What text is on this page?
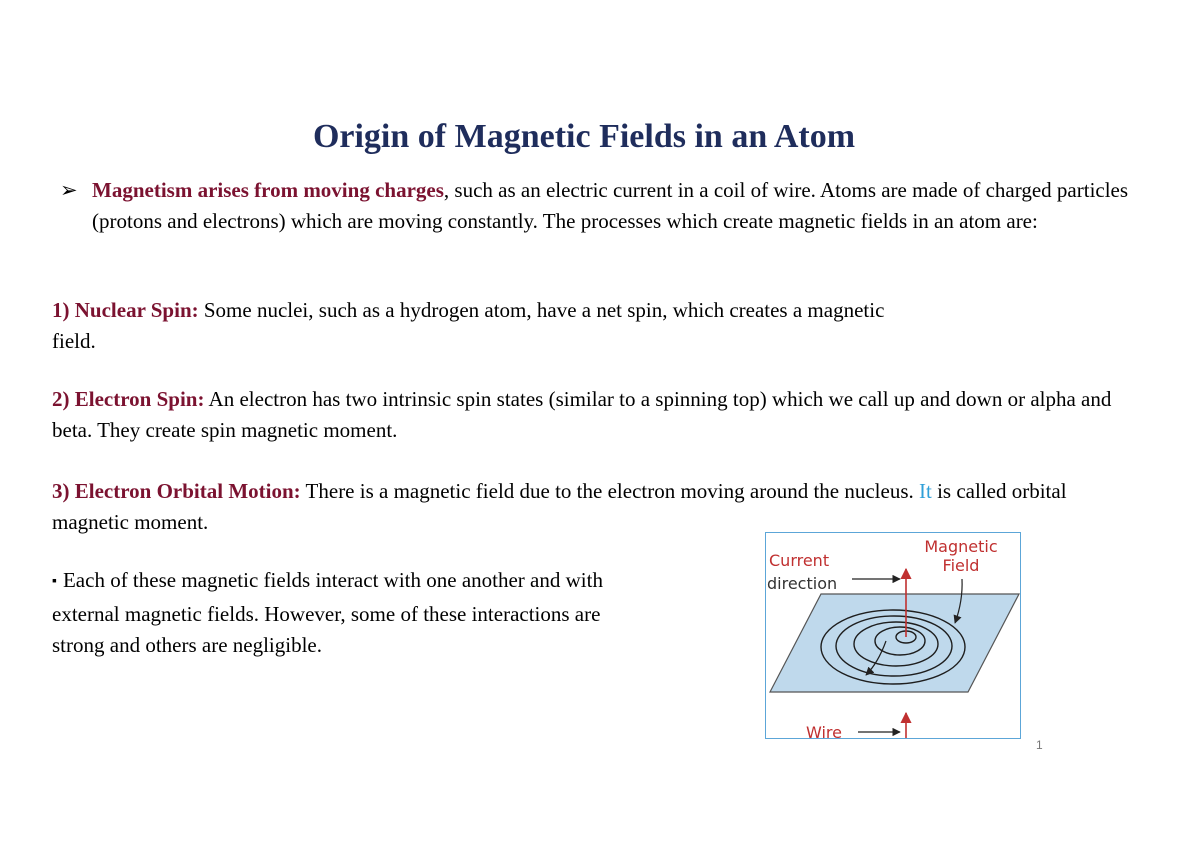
Origin of Magnetic Fields in an Atom
➢ Magnetism arises from moving charges, such as an electric current in a coil of wire. Atoms are made of charged particles (protons and electrons) which are moving constantly. The processes which create magnetic fields in an atom are:
1) Nuclear Spin: Some nuclei, such as a hydrogen atom, have a net spin, which creates a magnetic field.
2) Electron Spin: An electron has two intrinsic spin states (similar to a spinning top) which we call up and down or alpha and beta. They create spin magnetic moment.
3) Electron Orbital Motion: There is a magnetic field due to the electron moving around the nucleus. It is called orbital magnetic moment.
▪ Each of these magnetic fields interact with one another and with external magnetic fields. However, some of these interactions are strong and others are negligible.
Current
direction
Magnetic Field
Wire
1
